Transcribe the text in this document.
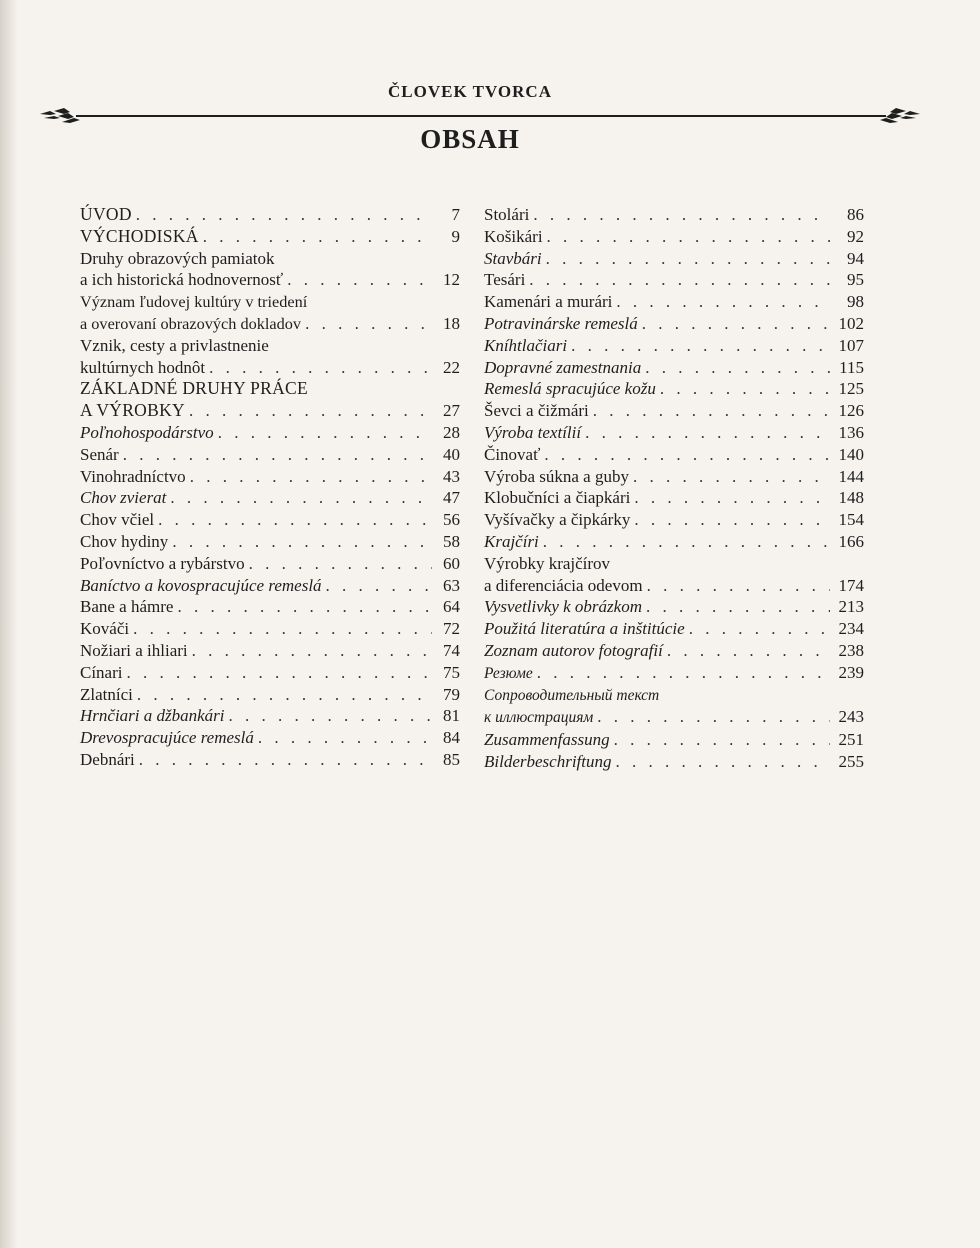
ČLOVEK TVORCA
OBSAH
ÚVOD . . .	7
VÝCHODISKÁ . . .	9
Druhy obrazových pamiatok
a ich historická hodnovernosť . . .	12
Význam ľudovej kultúry v triedení
a overovaní obrazových dokladov . . .	18
Vznik, cesty a privlastnenie
kultúrnych hodnôt . . .	22
ZÁKLADNÉ DRUHY PRÁCE
A VÝROBKY . . .	27
Poľnohospodárstvo . . .	28
Senár . . .	40
Vinohradníctvo . . .	43
Chov zvierat . . .	47
Chov včiel . . .	56
Chov hydiny . . .	58
Poľovníctvo a rybárstvo . . .	60
Baníctvo a kovospracujúce remeslá . . .	63
Bane a hámre . . .	64
Kováči . . .	72
Nožiari a ihliari . . .	74
Cínari . . .	75
Zlatníci . . .	79
Hrnčiari a džbankári . . .	81
Drevospracujúce remeslá . . .	84
Debnári . . .	85
Stolári . . .	86
Košikári . . .	92
Stavbári . . .	94
Tesári . . .	95
Kamenári a murári . . .	98
Potravinárske remeslá . . .	102
Kníhtlačiari . . .	107
Dopravné zamestnania . . .	115
Remeslá spracujúce kožu . . .	125
Ševci a čižmári . . .	126
Výroba textílií . . .	136
Činovať . . .	140
Výroba súkna a guby . . .	144
Klobučníci a čiapkári . . .	148
Vyšívačky a čipkárky . . .	154
Krajčíri . . .	166
Výrobky krajčírov
a diferenciácia odevom . . .	174
Vysvetlivky k obrázkom . . .	213
Použitá literatúra a inštitúcie . . .	234
Zoznam autorov fotografií . . .	238
Резюме . . .	239
Сопроводительный текст
к иллюстрациям . . .	243
Zusammenfassung . . .	251
Bilderbeschriftung . . .	255
